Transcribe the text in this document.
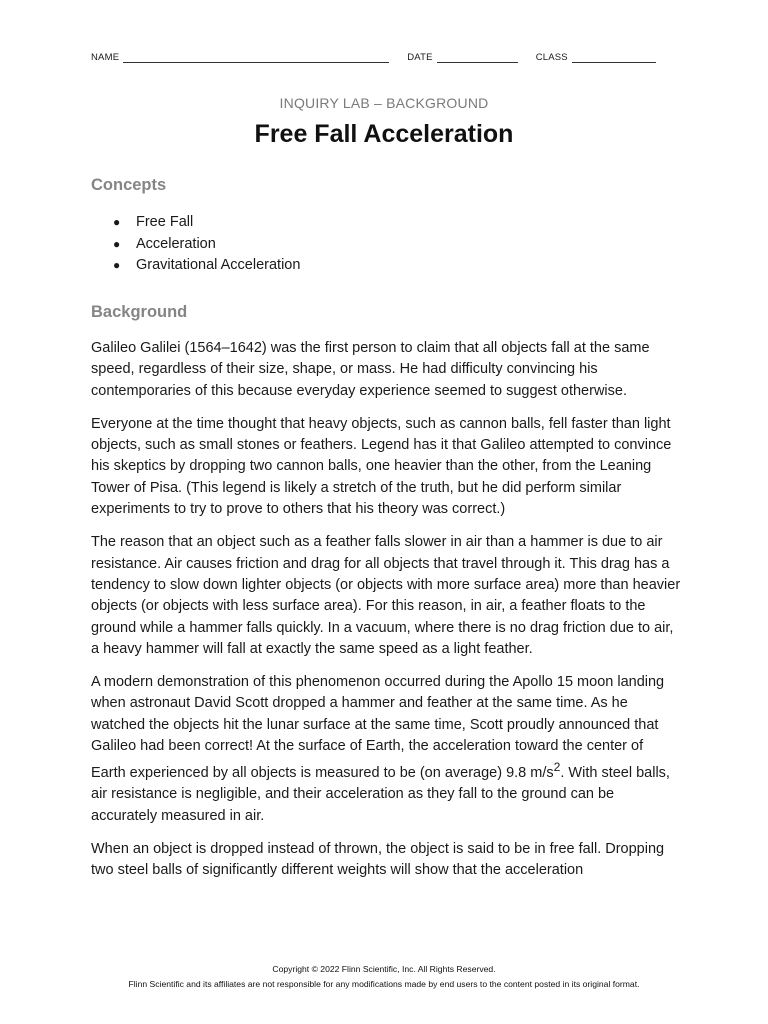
NAME	DATE	CLASS
INQUIRY LAB – BACKGROUND
Free Fall Acceleration
Concepts
●	Free Fall
●	Acceleration
●	Gravitational Acceleration
Background

Galileo Galilei (1564–1642) was the first person to claim that all objects fall at the same speed, regardless of their size, shape, or mass. He had difficulty convincing his contemporaries of this because everyday experience seemed to suggest otherwise.

Everyone at the time thought that heavy objects, such as cannon balls, fell faster than light objects, such as small stones or feathers. Legend has it that Galileo attempted to convince his skeptics by dropping two cannon balls, one heavier than the other, from the Leaning Tower of Pisa. (This legend is likely a stretch of the truth, but he did perform similar experiments to try to prove to others that his theory was correct.)

The reason that an object such as a feather falls slower in air than a hammer is due to air resistance. Air causes friction and drag for all objects that travel through it. This drag has a tendency to slow down lighter objects (or objects with more surface area) more than heavier objects (or objects with less surface area). For this reason, in air, a feather floats to the ground while a hammer falls quickly. In a vacuum, where there is no drag friction due to air, a heavy hammer will fall at exactly the same speed as a light feather.

A modern demonstration of this phenomenon occurred during the Apollo 15 moon landing when astronaut David Scott dropped a hammer and feather at the same time. As he watched the objects hit the lunar surface at the same time, Scott proudly announced that Galileo had been correct! At the surface of Earth, the acceleration toward the center of Earth experienced by all objects is measured to be (on average) 9.8 $m/s^2$. With steel balls, air resistance is negligible, and their acceleration as they fall to the ground can be accurately measured in air.

When an object is dropped instead of thrown, the object is said to be in free fall. Dropping two steel balls of significantly different weights will show that the acceleration

Copyright © 2022 Flinn Scientific, Inc. All Rights Reserved.
Flinn Scientific and its affiliates are not responsible for any modifications made by end users to the content posted in its original format.
